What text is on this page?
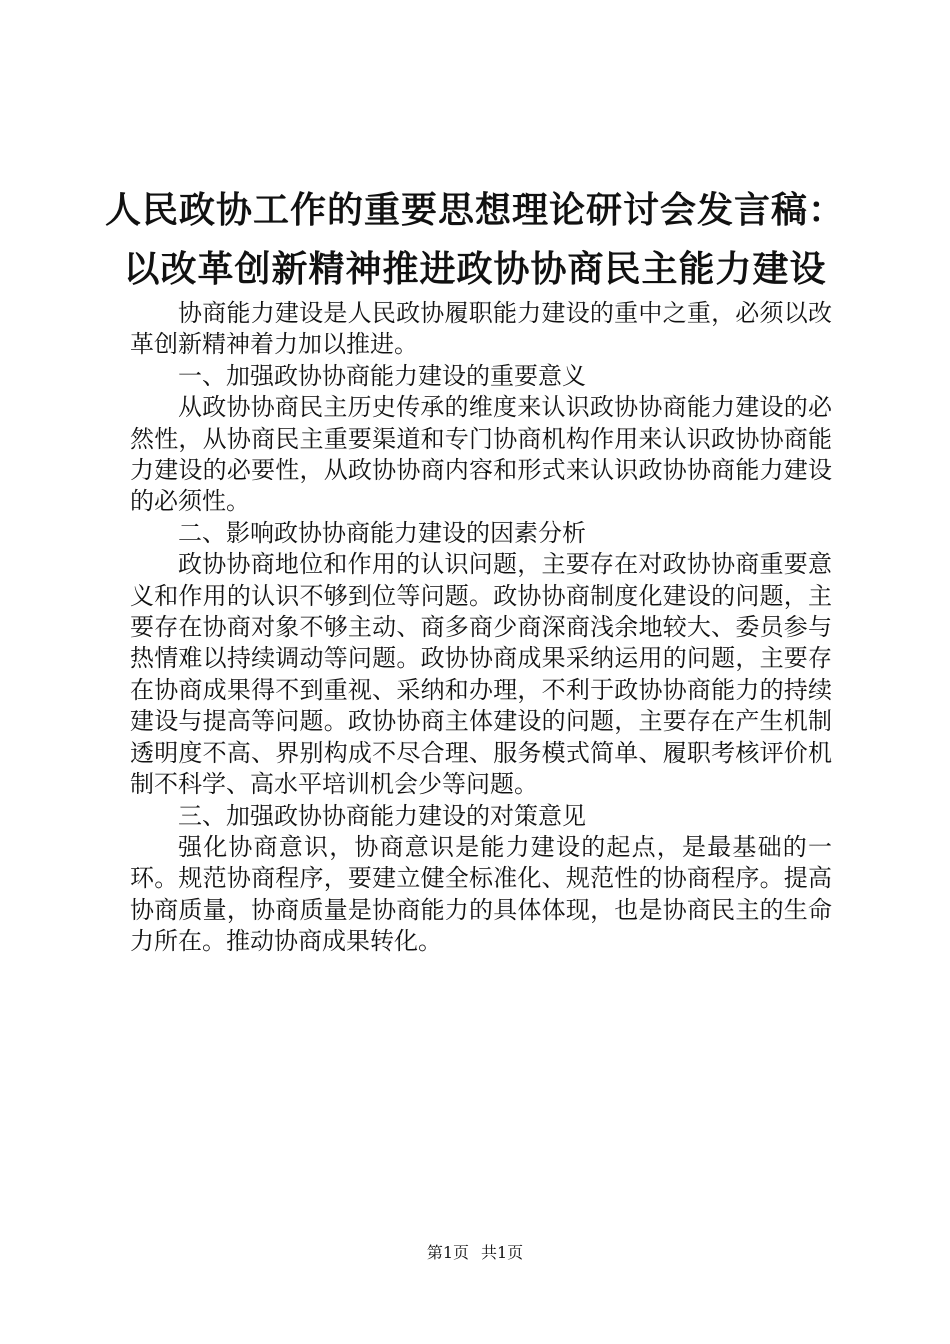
人民政协工作的重要思想理论研讨会发言稿：
以改革创新精神推进政协协商民主能力建设

协商能力建设是人民政协履职能力建设的重中之重，必须以改革创新精神着力加以推进。

一、加强政协协商能力建设的重要意义

从政协协商民主历史传承的维度来认识政协协商能力建设的必然性，从协商民主重要渠道和专门协商机构作用来认识政协协商能力建设的必要性，从政协协商内容和形式来认识政协协商能力建设的必须性。

二、影响政协协商能力建设的因素分析

政协协商地位和作用的认识问题，主要存在对政协协商重要意义和作用的认识不够到位等问题。政协协商制度化建设的问题，主要存在协商对象不够主动、商多商少商深商浅余地较大、委员参与热情难以持续调动等问题。政协协商成果采纳运用的问题，主要存在协商成果得不到重视、采纳和办理，不利于政协协商能力的持续建设与提高等问题。政协协商主体建设的问题，主要存在产生机制透明度不高、界别构成不尽合理、服务模式简单、履职考核评价机制不科学、高水平培训机会少等问题。

三、加强政协协商能力建设的对策意见

强化协商意识，协商意识是能力建设的起点，是最基础的一环。规范协商程序，要建立健全标准化、规范性的协商程序。提高协商质量，协商质量是协商能力的具体体现，也是协商民主的生命力所在。推动协商成果转化。

第1页 共1页
